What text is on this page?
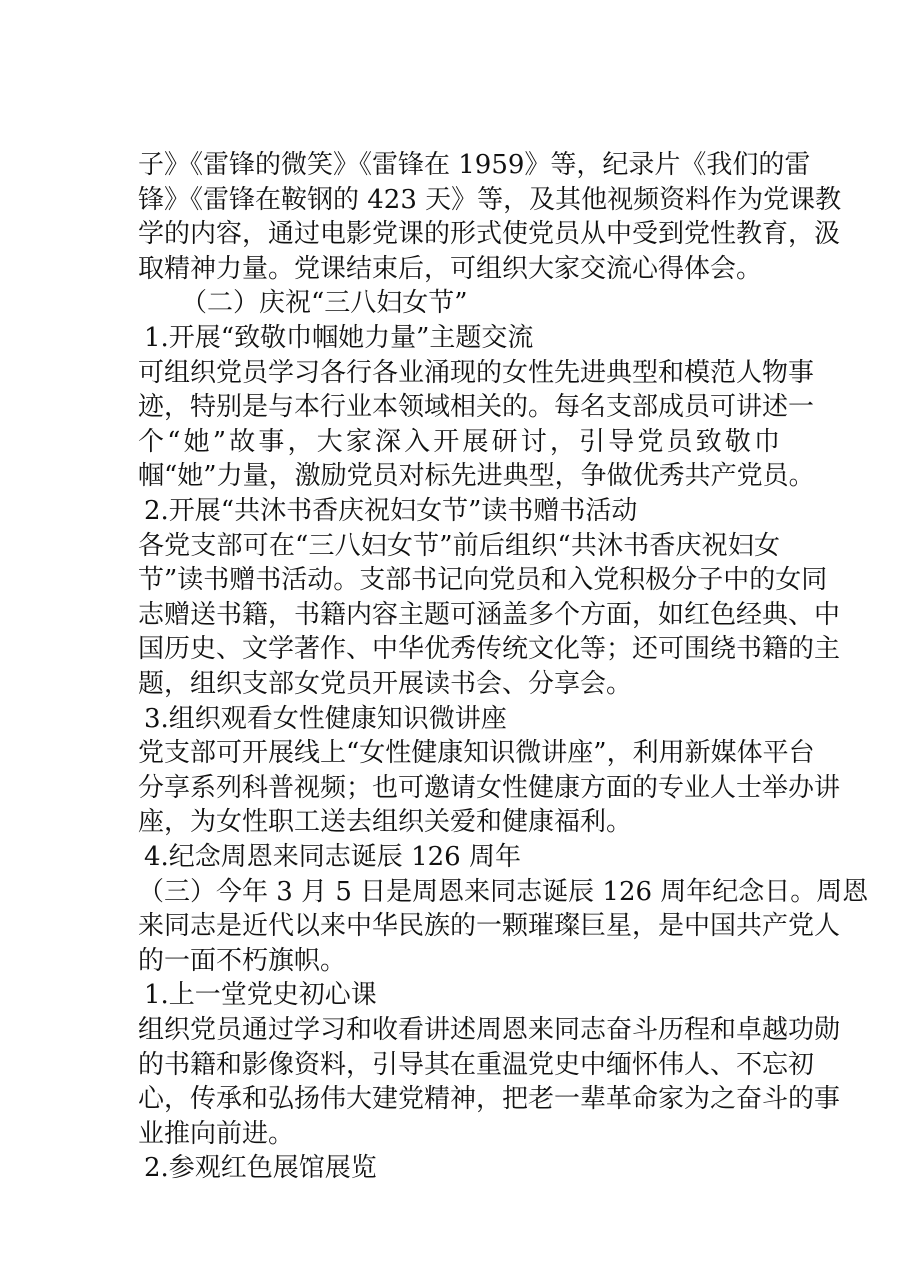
子》《雷锋的微笑》《雷锋在 1959》等，纪录片《我们的雷
锋》《雷锋在鞍钢的 423 天》等，及其他视频资料作为党课教
学的内容，通过电影党课的形式使党员从中受到党性教育，汲
取精神力量。党课结束后，可组织大家交流心得体会。
（二）庆祝“三八妇女节”
1.开展“致敬巾帼她力量”主题交流
可组织党员学习各行各业涌现的女性先进典型和模范人物事
迹，特别是与本行业本领域相关的。每名支部成员可讲述一
个“她”故事，大家深入开展研讨，引导党员致敬巾
帼“她”力量，激励党员对标先进典型，争做优秀共产党员。
2.开展“共沐书香庆祝妇女节”读书赠书活动
各党支部可在“三八妇女节”前后组织“共沐书香庆祝妇女
节”读书赠书活动。支部书记向党员和入党积极分子中的女同
志赠送书籍，书籍内容主题可涵盖多个方面，如红色经典、中
国历史、文学著作、中华优秀传统文化等；还可围绕书籍的主
题，组织支部女党员开展读书会、分享会。
3.组织观看女性健康知识微讲座
党支部可开展线上“女性健康知识微讲座”，利用新媒体平台
分享系列科普视频；也可邀请女性健康方面的专业人士举办讲
座，为女性职工送去组织关爱和健康福利。
4.纪念周恩来同志诞辰 126 周年
（三）今年 3 月 5 日是周恩来同志诞辰 126 周年纪念日。周恩
来同志是近代以来中华民族的一颗璀璨巨星，是中国共产党人
的一面不朽旗帜。
1.上一堂党史初心课
组织党员通过学习和收看讲述周恩来同志奋斗历程和卓越功勋
的书籍和影像资料，引导其在重温党史中缅怀伟人、不忘初
心，传承和弘扬伟大建党精神，把老一辈革命家为之奋斗的事
业推向前进。
2.参观红色展馆展览
